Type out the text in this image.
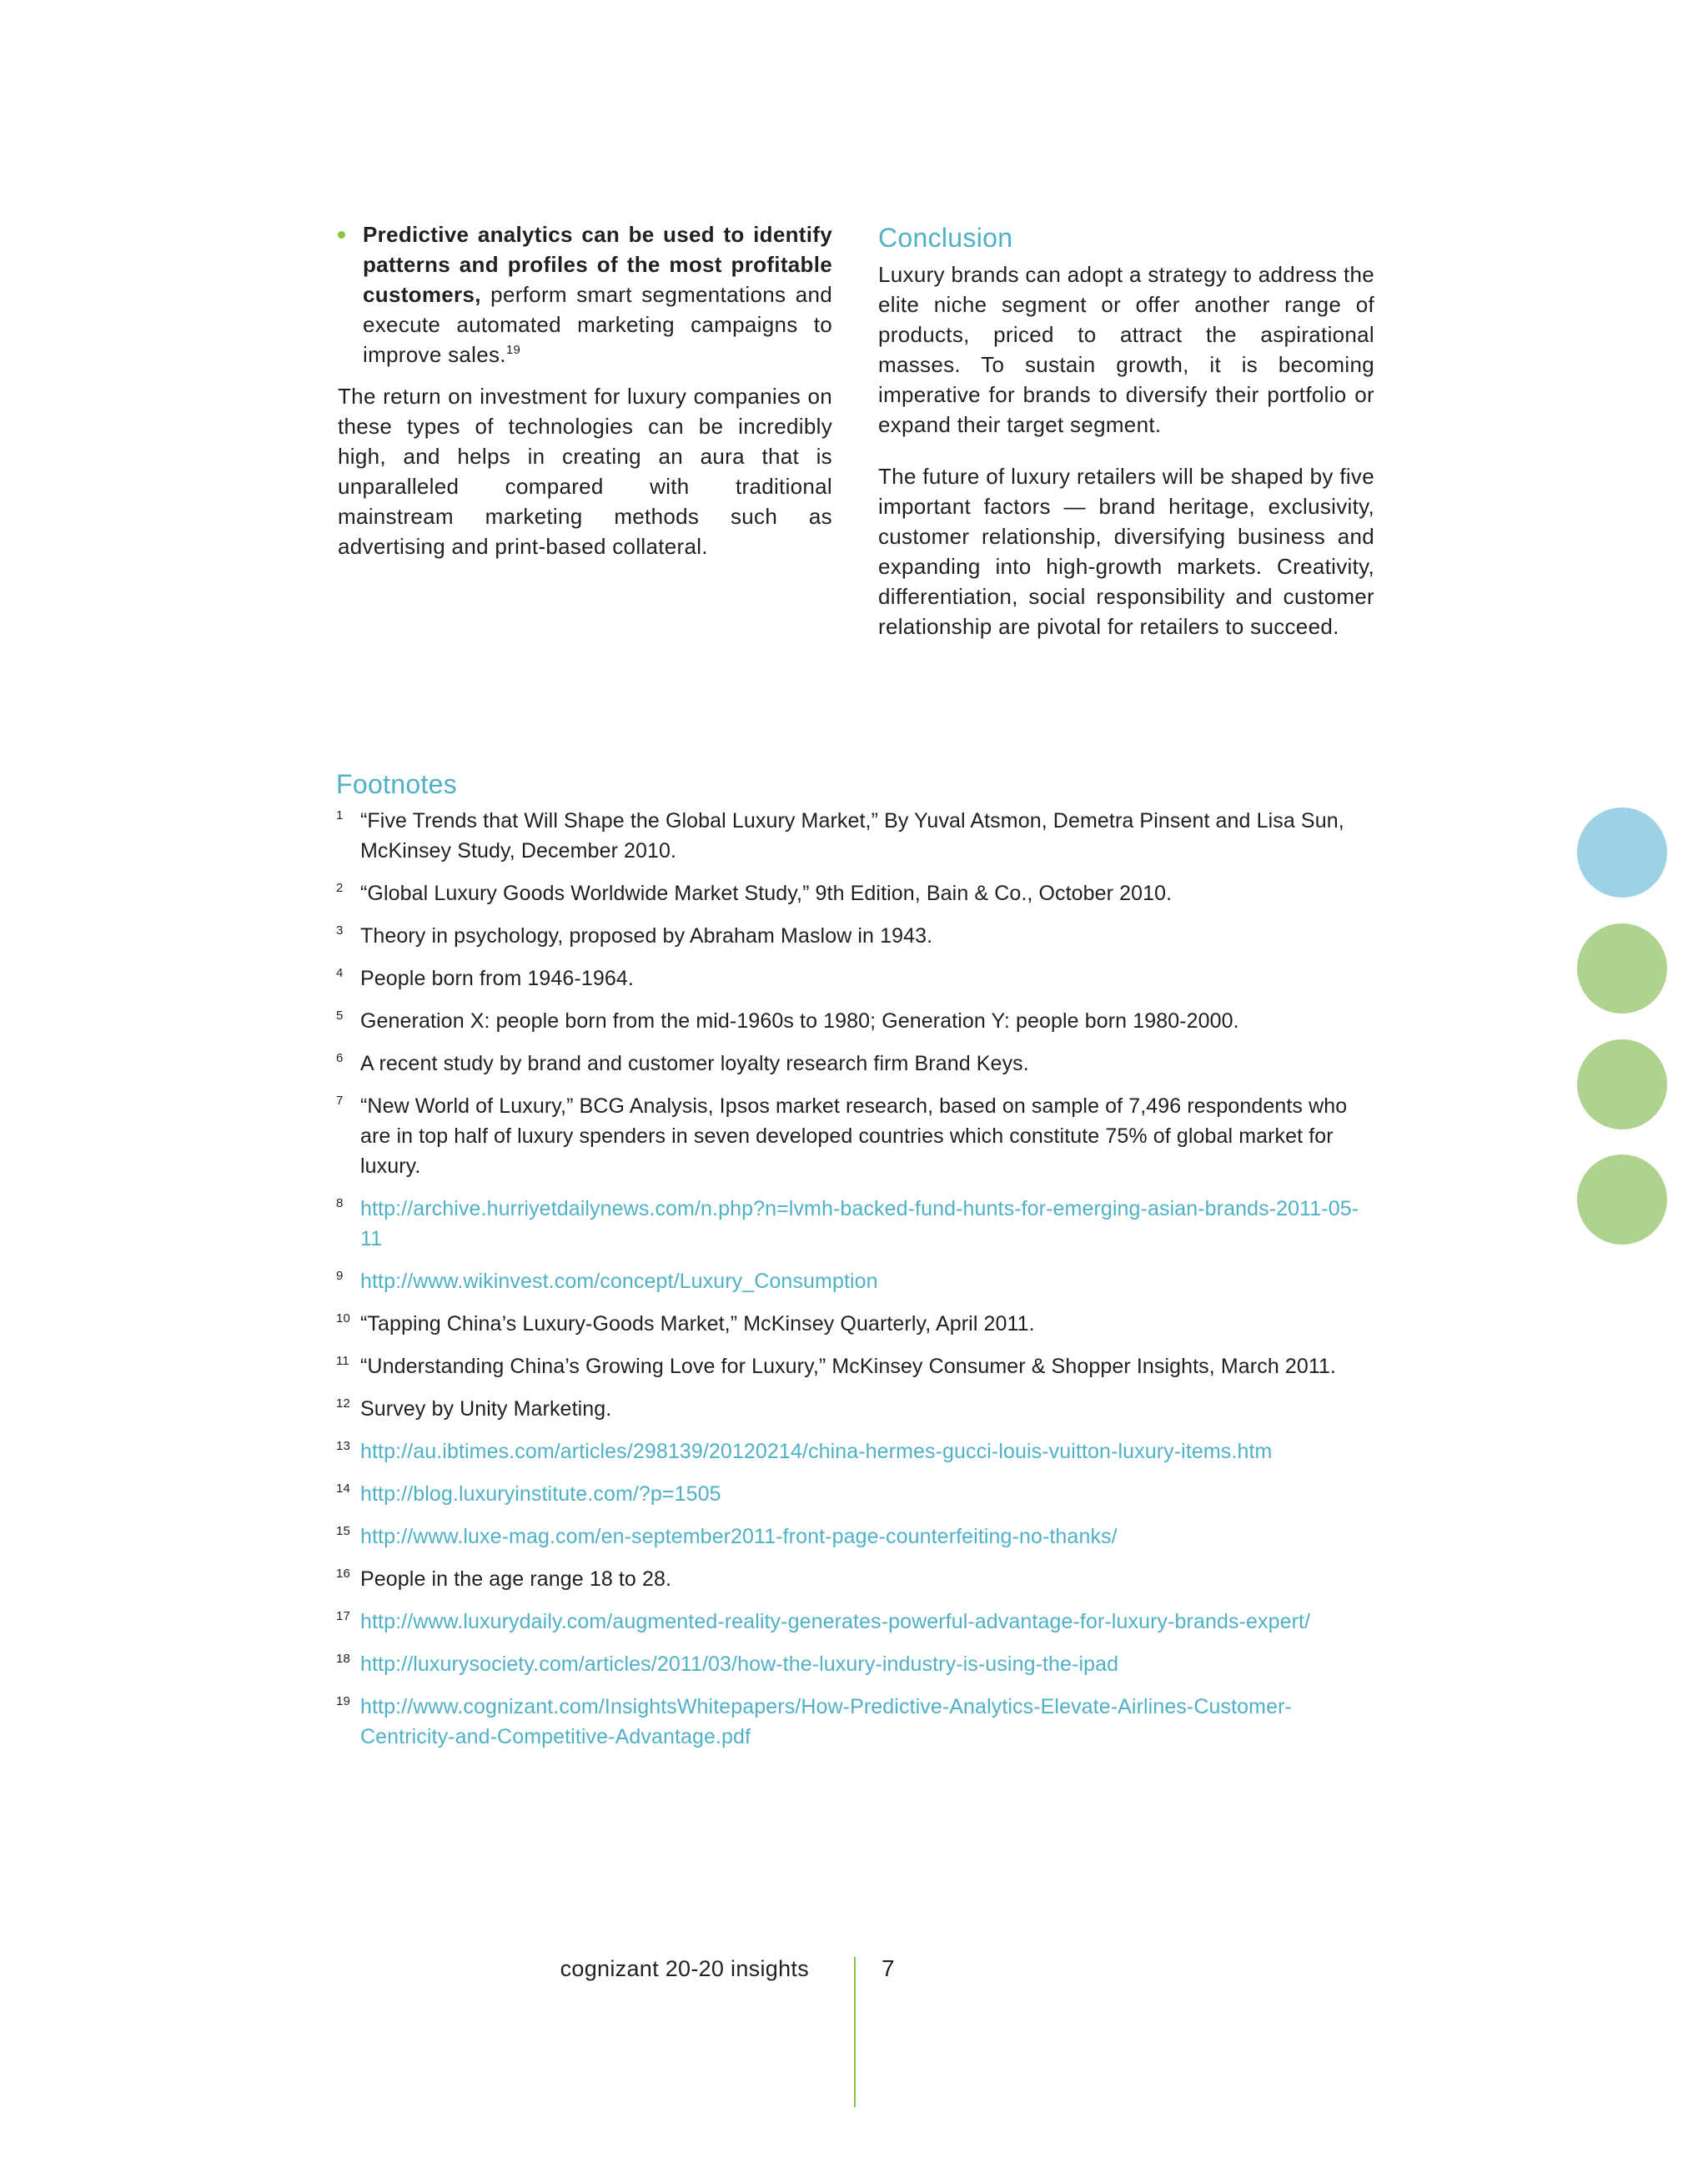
Predictive analytics can be used to identify patterns and profiles of the most profitable customers, perform smart segmentations and execute automated marketing campaigns to improve sales.$^{19}$

The return on investment for luxury companies on these types of technologies can be incredibly high, and helps in creating an aura that is unparalleled compared with traditional mainstream marketing methods such as advertising and print-based collateral.

Conclusion

Luxury brands can adopt a strategy to address the elite niche segment or offer another range of products, priced to attract the aspirational masses. To sustain growth, it is becoming imperative for brands to diversify their portfolio or expand their target segment.

The future of luxury retailers will be shaped by five important factors — brand heritage, exclusivity, customer relationship, diversifying business and expanding into high-growth markets. Creativity, differentiation, social responsibility and customer relationship are pivotal for retailers to succeed.

Footnotes
1 “Five Trends that Will Shape the Global Luxury Market,” By Yuval Atsmon, Demetra Pinsent and Lisa Sun, McKinsey Study, December 2010.
2 “Global Luxury Goods Worldwide Market Study,” 9th Edition, Bain & Co., October 2010.
3 Theory in psychology, proposed by Abraham Maslow in 1943.
4 People born from 1946-1964.
5 Generation X: people born from the mid-1960s to 1980; Generation Y: people born 1980-2000.
6 A recent study by brand and customer loyalty research firm Brand Keys.
7 “New World of Luxury,” BCG Analysis, Ipsos market research, based on sample of 7,496 respondents who are in top half of luxury spenders in seven developed countries which constitute 75% of global market for luxury.
8 http://archive.hurriyetdailynews.com/n.php?n=lvmh-backed-fund-hunts-for-emerging-asian-brands-2011-05-11
9 http://www.wikinvest.com/concept/Luxury_Consumption
10 “Tapping China’s Luxury-Goods Market,” McKinsey Quarterly, April 2011.
11 “Understanding China’s Growing Love for Luxury,” McKinsey Consumer & Shopper Insights, March 2011.
12 Survey by Unity Marketing.
13 http://au.ibtimes.com/articles/298139/20120214/china-hermes-gucci-louis-vuitton-luxury-items.htm
14 http://blog.luxuryinstitute.com/?p=1505
15 http://www.luxe-mag.com/en-september2011-front-page-counterfeiting-no-thanks/
16 People in the age range 18 to 28.
17 http://www.luxurydaily.com/augmented-reality-generates-powerful-advantage-for-luxury-brands-expert/
18 http://luxurysociety.com/articles/2011/03/how-the-luxury-industry-is-using-the-ipad
19 http://www.cognizant.com/InsightsWhitepapers/How-Predictive-Analytics-Elevate-Airlines-Customer-Centricity-and-Competitive-Advantage.pdf
cognizant 20-20 insights	7
